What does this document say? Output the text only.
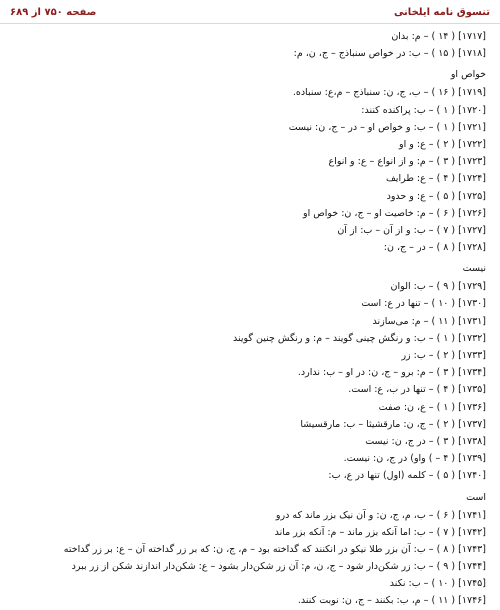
صفحه ۷۵۰ از ۶۸۹	تنسوق نامه ایلخانی
[۱۷۱۷] ( ۱۴ ) – م: بدان
[۱۷۱۸] ( ۱۵ ) – ب: در خواص سنباذج – ج، ن، م:
خواص او
[۱۷۱۹] ( ۱۶ ) – ب، ج، ن: سنباذج – م،ع: سنباده.
[۱۷۲۰] ( ۱ ) – ب: پراکنده کنند:
[۱۷۲۱] ( ۱ ) – ب: و خواص او – در – ج، ن: نیست
[۱۷۲۲] ( ۲ ) – ع: و او
[۱۷۲۳] ( ۳ ) – م: و از انواع – ع: و انواع
[۱۷۲۴] ( ۴ ) – ع: طرایف
[۱۷۲۵] ( ۵ ) – ع: و حدود
[۱۷۲۶] ( ۶ ) – م: خاصیت او – ج، ن: خواص او
[۱۷۲۷] ( ۷ ) – ب: و از آن – ب: از آن
[۱۷۲۸] ( ۸ ) – در – ج، ن:
نیست
[۱۷۲۹] ( ۹ ) – ب: الوان
[۱۷۳۰] ( ۱۰ ) – تنها در ع: است
[۱۷۳۱] ( ۱۱ ) – م: می‌سازند
[۱۷۳۲] ( ۱ ) – ب: و رنگش چینی گویند – م: و رنگش چنین گویند
[۱۷۳۳] ( ۲ ) – ب: زر
[۱۷۳۴] ( ۳ ) – م: برو – ج، ن: در او – ب: ندارد.
[۱۷۳۵] ( ۴ ) – تنها در ب، ع: است.
[۱۷۳۶] ( ۱ ) – ع، ن: صفت
[۱۷۳۷] ( ۲ ) – ج، ن: مارقشیثا – ب: مارقسیشا
[۱۷۳۸] ( ۳ ) – در ج، ن: نیست
[۱۷۳۹] ( ۴ – ) واو) در ج، ن: نیست.
[۱۷۴۰] ( ۵ ) – کلمه (اول) تنها در ع، ب:
است
[۱۷۴۱] ( ۶ ) – ب، م، ج، ن: و آن نیک بزر ماند که درو
[۱۷۴۲] ( ۷ ) – ب: اما آنکه بزر ماند – م: آنکه بزر ماند
[۱۷۴۳] ( ۸ ) – ب: آن بزر طلا نیکو در انکنند که گداخته بود – م، ج، ن: که بر زر گداخته آن – ع: بر زر گداخته
[۱۷۴۴] ( ۹ ) – ب: زر شکن‌دار شود – ج، ن، م: آن زر شکن‌دار بشود – ع: شکن‌دار اندازند شکن از زر ببرد
[۱۷۴۵] ( ۱۰ ) – ب: نکند
[۱۷۴۶] ( ۱۱ ) – م، ب: بکنند – ج، ن: نوبت کنند.
